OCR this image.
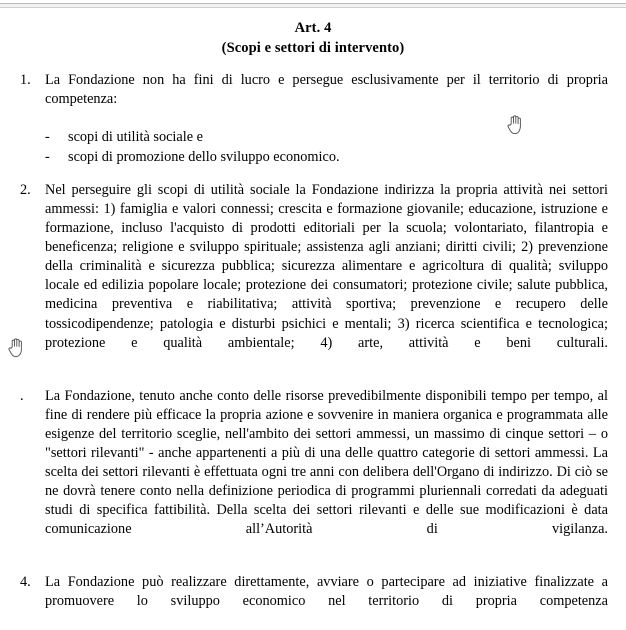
Art. 4
(Scopi e settori di intervento)
1. La Fondazione non ha fini di lucro e persegue esclusivamente per il territorio di propria competenza:

- scopi di utilità sociale e
- scopi di promozione dello sviluppo economico.
2. Nel perseguire gli scopi di utilità sociale la Fondazione indirizza la propria attività nei settori ammessi: 1) famiglia e valori connessi; crescita e formazione giovanile; educazione, istruzione e formazione, incluso l'acquisto di prodotti editoriali per la scuola; volontariato, filantropia e beneficenza; religione e sviluppo spirituale; assistenza agli anziani; diritti civili; 2) prevenzione della criminalità e sicurezza pubblica; sicurezza alimentare e agricoltura di qualità; sviluppo locale ed edilizia popolare locale; protezione dei consumatori; protezione civile; salute pubblica, medicina preventiva e riabilitativa; attività sportiva; prevenzione e recupero delle tossicodipendenze; patologia e disturbi psichici e mentali; 3) ricerca scientifica e tecnologica; protezione e qualità ambientale; 4) arte, attività e beni culturali.

.	La Fondazione, tenuto anche conto delle risorse prevedibilmente disponibili tempo per tempo, al fine di rendere più efficace la propria azione e sovvenire in maniera organica e programmata alle esigenze del territorio sceglie, nell'ambito dei settori ammessi, un massimo di cinque settori – o "settori rilevanti" - anche appartenenti a più di una delle quattro categorie di settori ammessi. La scelta dei settori rilevanti è effettuata ogni tre anni con delibera dell'Organo di indirizzo. Di ciò se ne dovrà tenere conto nella definizione periodica di programmi pluriennali corredati da adeguati studi di specifica fattibilità. Della scelta dei settori rilevanti e delle sue modificazioni è data comunicazione all’Autorità di vigilanza.

4. La Fondazione può realizzare direttamente, avviare o partecipare ad iniziative finalizzate a promuovere lo sviluppo economico nel territorio di propria competenza
